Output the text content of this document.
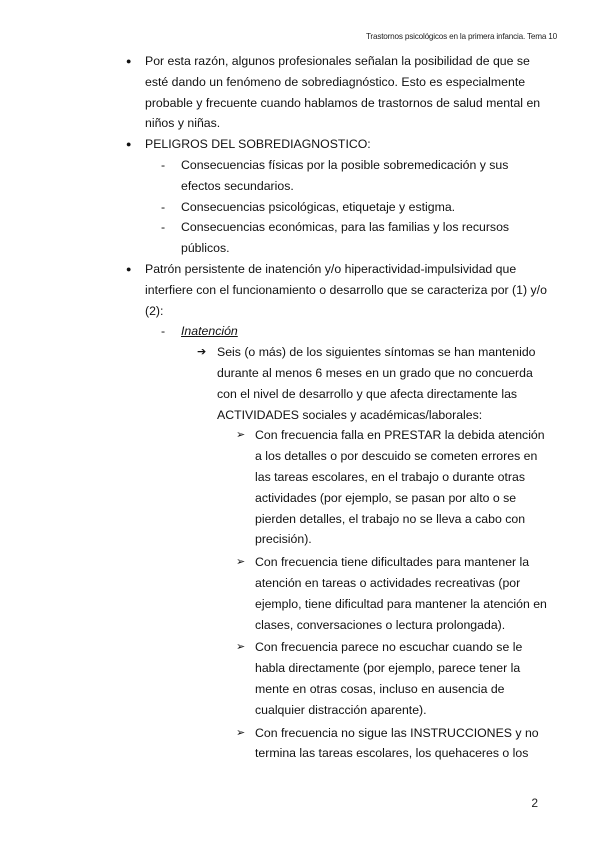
Trastornos psicológicos en la primera infancia. Tema 10
● Por esta razón, algunos profesionales señalan la posibilidad de que se esté dando un fenómeno de sobrediagnóstico. Esto es especialmente probable y frecuente cuando hablamos de trastornos de salud mental en niños y niñas.
● PELIGROS DEL SOBREDIAGNOSTICO:
- Consecuencias físicas por la posible sobremedicación y sus efectos secundarios.
- Consecuencias psicológicas, etiquetaje y estigma.
- Consecuencias económicas, para las familias y los recursos públicos.
● Patrón persistente de inatención y/o hiperactividad-impulsividad que interfiere con el funcionamiento o desarrollo que se caracteriza por (1) y/o (2):
- Inatención
➔ Seis (o más) de los siguientes síntomas se han mantenido durante al menos 6 meses en un grado que no concuerda con el nivel de desarrollo y que afecta directamente las ACTIVIDADES sociales y académicas/laborales:
➢ Con frecuencia falla en PRESTAR la debida atención a los detalles o por descuido se cometen errores en las tareas escolares, en el trabajo o durante otras actividades (por ejemplo, se pasan por alto o se pierden detalles, el trabajo no se lleva a cabo con precisión).
➢ Con frecuencia tiene dificultades para mantener la atención en tareas o actividades recreativas (por ejemplo, tiene dificultad para mantener la atención en clases, conversaciones o lectura prolongada).
➢ Con frecuencia parece no escuchar cuando se le habla directamente (por ejemplo, parece tener la mente en otras cosas, incluso en ausencia de cualquier distracción aparente).
➢ Con frecuencia no sigue las INSTRUCCIONES y no termina las tareas escolares, los quehaceres o los
2
